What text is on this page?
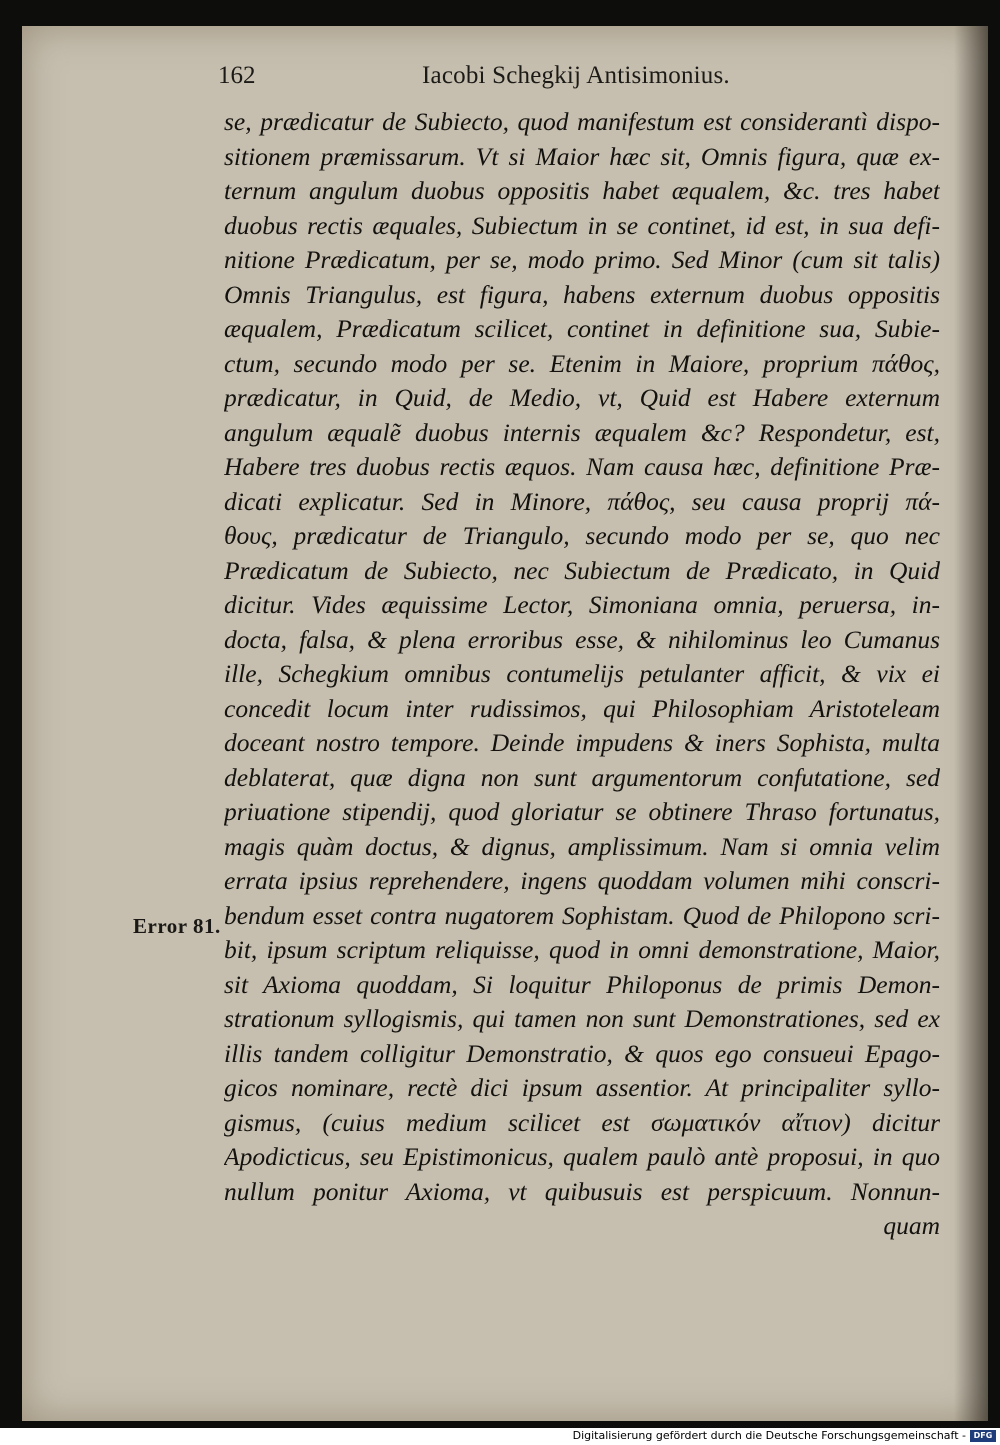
162	Iacobi Schegkij Antisimonius.
Error 81.
se, prædicatur de Subiecto, quod manifestum est considerantì dispo-
sitionem præmissarum. Vt si Maior hæc sit, Omnis figura, quæ ex-
ternum angulum duobus oppositis habet æqualem, &c. tres habet
duobus rectis æquales, Subiectum in se continet, id est, in sua defi-
nitione Prædicatum, per se, modo primo. Sed Minor (cum sit talis)
Omnis Triangulus, est figura, habens externum duobus oppositis
æqualem, Prædicatum scilicet, continet in definitione sua, Subie-
ctum, secundo modo per se. Etenim in Maiore, proprium πάθος,
prædicatur, in Quid, de Medio, vt, Quid est Habere externum
angulum æqualẽ duobus internis æqualem &c? Respondetur, est,
Habere tres duobus rectis æquos. Nam causa hæc, definitione Præ-
dicati explicatur. Sed in Minore, πάθος, seu causa proprij πά-
θους, prædicatur de Triangulo, secundo modo per se, quo nec
Prædicatum de Subiecto, nec Subiectum de Prædicato, in Quid
dicitur. Vides æquissime Lector, Simoniana omnia, peruersa, in-
docta, falsa, & plena erroribus esse, & nihilominus leo Cumanus
ille, Schegkium omnibus contumelijs petulanter afficit, & vix ei
concedit locum inter rudissimos, qui Philosophiam Aristoteleam
doceant nostro tempore. Deinde impudens & iners Sophista, multa
deblaterat, quæ digna non sunt argumentorum confutatione, sed
priuatione stipendij, quod gloriatur se obtinere Thraso fortunatus,
magis quàm doctus, & dignus, amplissimum. Nam si omnia velim
errata ipsius reprehendere, ingens quoddam volumen mihi conscri-
bendum esset contra nugatorem Sophistam. Quod de Philopono scri-
bit, ipsum scriptum reliquisse, quod in omni demonstratione, Maior,
sit Axioma quoddam, Si loquitur Philoponus de primis Demon-
strationum syllogismis, qui tamen non sunt Demonstrationes, sed ex
illis tandem colligitur Demonstratio, & quos ego consueui Epago-
gicos nominare, rectè dici ipsum assentior. At principaliter syllo-
gismus, (cuius medium scilicet est σωματικόν αἴτιον) dicitur
Apodicticus, seu Epistimonicus, qualem paulò antè proposui, in quo
nullum ponitur Axioma, vt quibusuis est perspicuum. Nonnun-
quam
Digitalisierung gefördert durch die Deutsche Forschungsgemeinschaft - DFG
